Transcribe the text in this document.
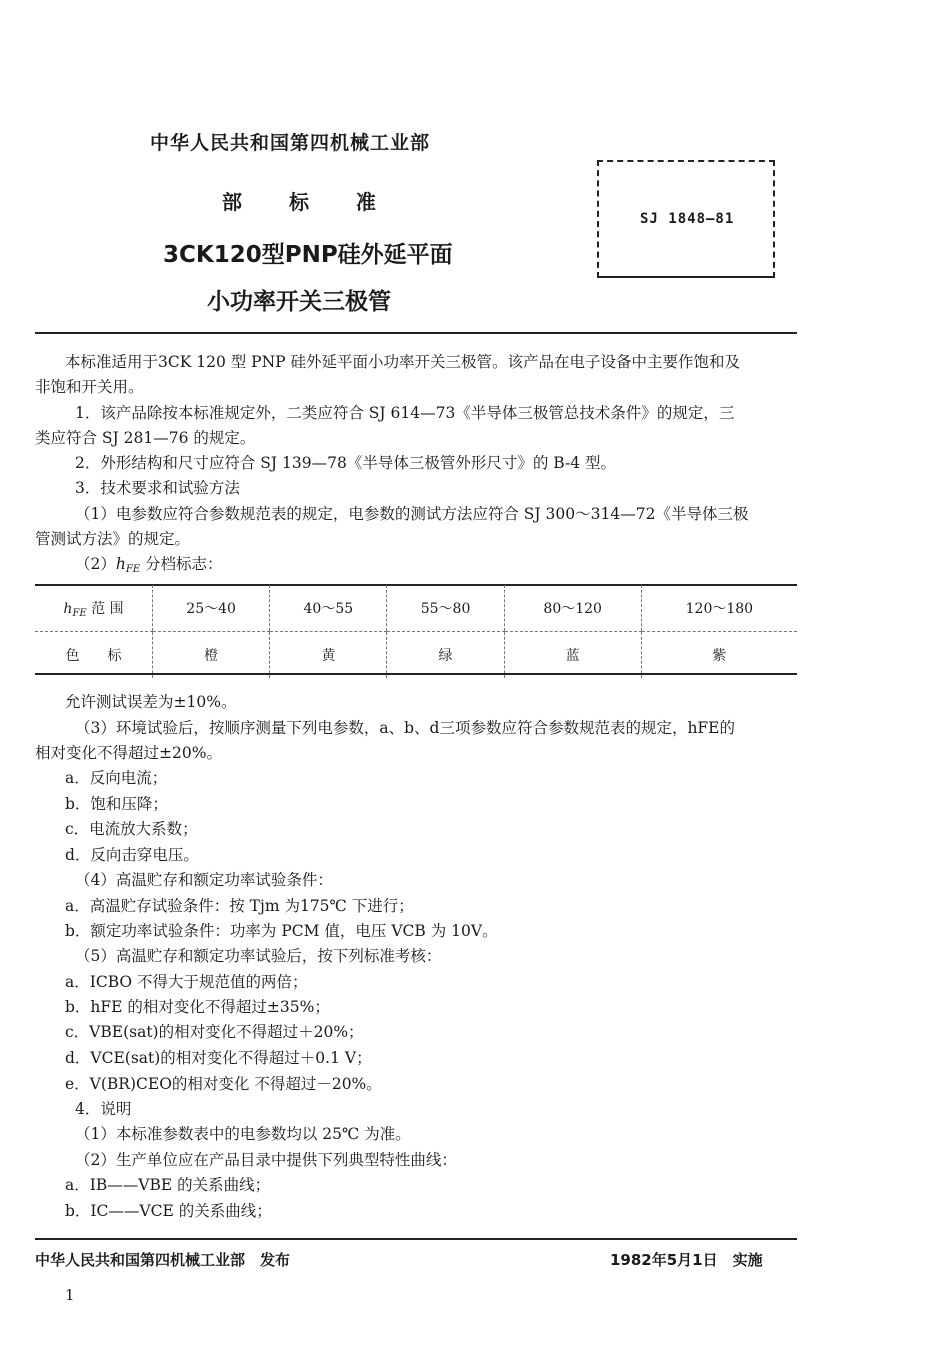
中华人民共和国第四机械工业部
部 标 准
3CK120型PNP硅外延平面
小功率开关三极管
SJ 1848—81
本标准适用于3CK 120 型 PNP 硅外延平面小功率开关三极管。该产品在电子设备中主要作饱和及
非饱和开关用。
1．该产品除按本标准规定外，二类应符合 SJ 614—73《半导体三极管总技术条件》的规定，三
类应符合 SJ 281—76 的规定。
2．外形结构和尺寸应符合 SJ 139—78《半导体三极管外形尺寸》的 B-4 型。
3．技术要求和试验方法
（1）电参数应符合参数规范表的规定，电参数的测试方法应符合 SJ 300～314—72《半导体三极
管测试方法》的规定。
$(2)h_{FE}$ 分档标志：
$h_{FE}$ 范 围	25～40	40～55	55～80	80～120	120～180
色　　标	橙	黄	绿	蓝	紫
允许测试误差为±10%。
（3）环境试验后，按顺序测量下列电参数，a、b、d三项参数应符合参数规范表的规定，hFE的
相对变化不得超过±20%。
a．反向电流；
b．饱和压降；
c．电流放大系数；
d．反向击穿电压。
（4）高温贮存和额定功率试验条件：
a．高温贮存试验条件：按 Tjm 为175℃ 下进行；
b．额定功率试验条件：功率为 PCM 值，电压 VCB 为 10V。
（5）高温贮存和额定功率试验后，按下列标准考核：
a．ICBO 不得大于规范值的两倍；
b．hFE 的相对变化不得超过±35%；
c．VBE(sat)的相对变化不得超过＋20%；
d．VCE(sat)的相对变化不得超过＋0.1 V；
e．V(BR)CEO的相对变化 不得超过－20%。
4．说明
（1）本标准参数表中的电参数均以 25℃ 为准。
（2）生产单位应在产品目录中提供下列典型特性曲线：
a．IB——VBE 的关系曲线；
b．IC——VCE 的关系曲线；
中华人民共和国第四机械工业部　发布	1982年5月1日　实施
1
